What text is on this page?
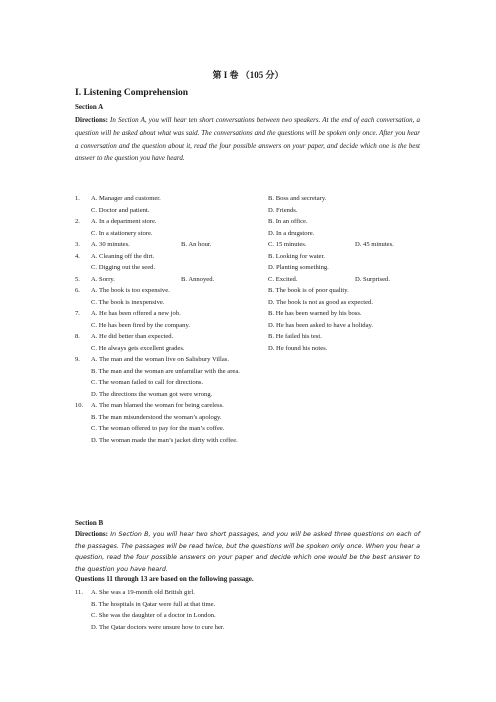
第 I 卷 （105 分）
I. Listening Comprehension
Section A
Directions: In Section A, you will hear ten short conversations between two speakers. At the end of each conversation, a question will be asked about what was said. The conversations and the questions will be spoken only once. After you hear a conversation and the question about it, read the four possible answers on your paper, and decide which one is the best answer to the question you have heard.
1. A. Manager and customer.	B. Boss and secretary.
C. Doctor and patient.	D. Friends.
2. A. In a department store.	B. In an office.
C. In a stationery store.	D. In a drugstore.
3. A. 30 minutes.	B. An hour.	C. 15 minutes.	D. 45 minutes.
4. A. Cleaning off the dirt.	B. Looking for water.
C. Digging out the seed.	D. Planting something.
5. A. Sorry.	B. Annoyed.	C. Excited.	D. Surprised.
6. A. The book is too expensive.	B. The book is of poor quality.
C. The book is inexpensive.	D. The book is not as good as expected.
7. A. He has been offered a new job.	B. He has been warned by his boss.
C. He has been fired by the company.	D. He has been asked to have a holiday.
8. A. He did better than expected.	B. He failed his test.
C. He always gets excellent grades.	D. He found his notes.
9. A. The man and the woman live on Salisbury Villas.
B. The man and the woman are unfamiliar with the area.
C. The woman failed to call for directions.
D. The directions the woman got were wrong.
10. A. The man blamed the woman for being careless.
B. The man misunderstood the woman’s apology.
C. The woman offered to pay for the man’s coffee.
D. The woman made the man’s jacket dirty with coffee.
Section B
Directions: In Section B, you will hear two short passages, and you will be asked three questions on each of the passages. The passages will be read twice, but the questions will be spoken only once. When you hear a question, read the four possible answers on your paper and decide which one would be the best answer to the question you have heard.
Questions 11 through 13 are based on the following passage.
11. A. She was a 19-month old British girl.
B. The hospitals in Qatar were full at that time.
C. She was the daughter of a doctor in London.
D. The Qatar doctors were unsure how to cure her.
